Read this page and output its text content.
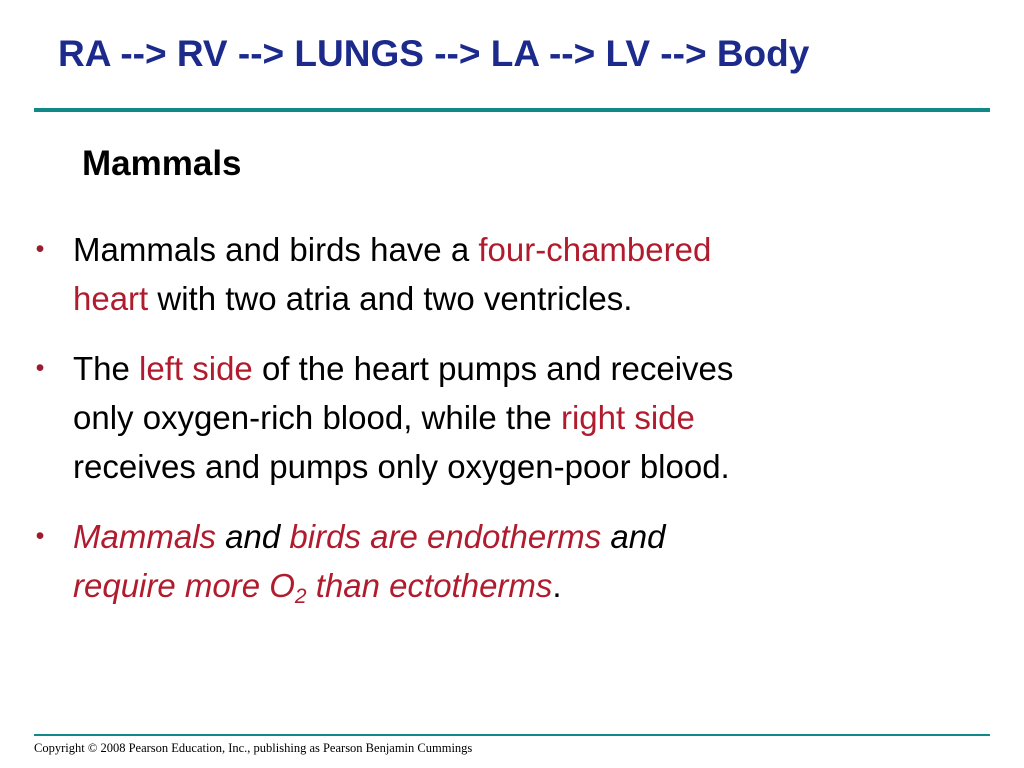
RA --> RV --> LUNGS --> LA --> LV --> Body
Mammals
• Mammals and birds have a four-chambered
heart with two atria and two ventricles.
• The left side of the heart pumps and receives
only oxygen-rich blood, while the right side
receives and pumps only oxygen-poor blood.
• Mammals and birds are endotherms and
require more $O_2$ than ectotherms.

Copyright © 2008 Pearson Education, Inc., publishing as Pearson Benjamin Cummings
